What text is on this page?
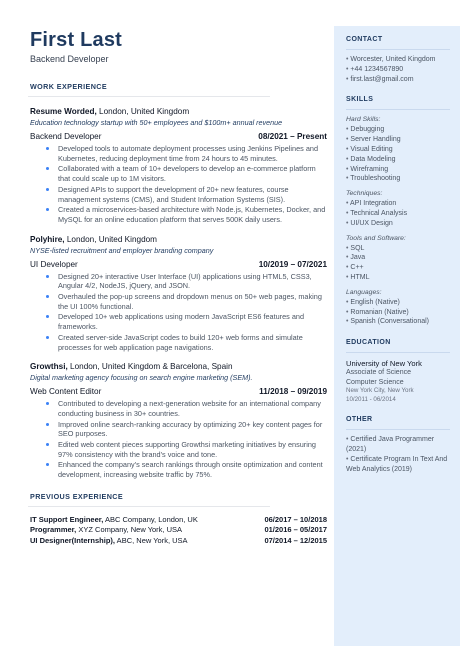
First Last
Backend Developer
WORK EXPERIENCE
Resume Worded, London, United Kingdom
Education technology startup with 50+ employees and $100m+ annual revenue
Backend Developer	08/2021 – Present
Developed tools to automate deployment processes using Jenkins Pipelines and Kubernetes, reducing deployment time from 24 hours to 45 minutes.
Collaborated with a team of 10+ developers to develop an e-commerce platform that could scale up to 1M visitors.
Designed APIs to support the development of 20+ new features, course management systems (CMS), and Student Information Systems (SIS).
Created a microservices-based architecture with Node.js, Kubernetes, Docker, and MySQL for an online education platform that serves 500K daily users.
Polyhire, London, United Kingdom
NYSE-listed recruitment and employer branding company
UI Developer	10/2019 – 07/2021
Designed 20+ interactive User Interface (UI) applications using HTML5, CSS3, Angular 4/2, NodeJS, jQuery, and JSON.
Overhauled the pop-up screens and dropdown menus on 50+ web pages, making the UI 100% functional.
Developed 10+ web applications using modern JavaScript ES6 features and frameworks.
Created server-side JavaScript codes to build 120+ web forms and simulate processes for web application page navigations.
Growthsi, London, United Kingdom & Barcelona, Spain
Digital marketing agency focusing on search engine marketing (SEM).
Web Content Editor	11/2018 – 09/2019
Contributed to developing a next-generation website for an international company conducting business in 30+ countries.
Improved online search-ranking accuracy by optimizing 20+ key content pages for SEO purposes.
Edited web content pieces supporting Growthsi marketing initiatives by ensuring 97% consistency with the brand's voice and tone.
Enhanced the company's search rankings through onsite optimization and content development, increasing website traffic by 75%.
PREVIOUS EXPERIENCE
IT Support Engineer, ABC Company, London, UK	06/2017 – 10/2018
Programmer, XYZ Company, New York, USA	01/2016 – 05/2017
UI Designer(Internship), ABC, New York, USA	07/2014 – 12/2015
CONTACT
• Worcester, United Kingdom
• +44 1234567890
• first.last@gmail.com
SKILLS
Hard Skills:
• Debugging
• Server Handling
• Visual Editing
• Data Modeling
• Wireframing
• Troubleshooting
Techniques:
• API Integration
• Technical Analysis
• UI/UX Design
Tools and Software:
• SQL
• Java
• C++
• HTML
Languages:
• English (Native)
• Romanian (Native)
• Spanish (Conversational)
EDUCATION
University of New York
Associate of Science
Computer Science
New York City, New York
10/2011 - 06/2014
OTHER
• Certified Java Programmer (2021)
• Certificate Program In Text And Web Analytics (2019)
